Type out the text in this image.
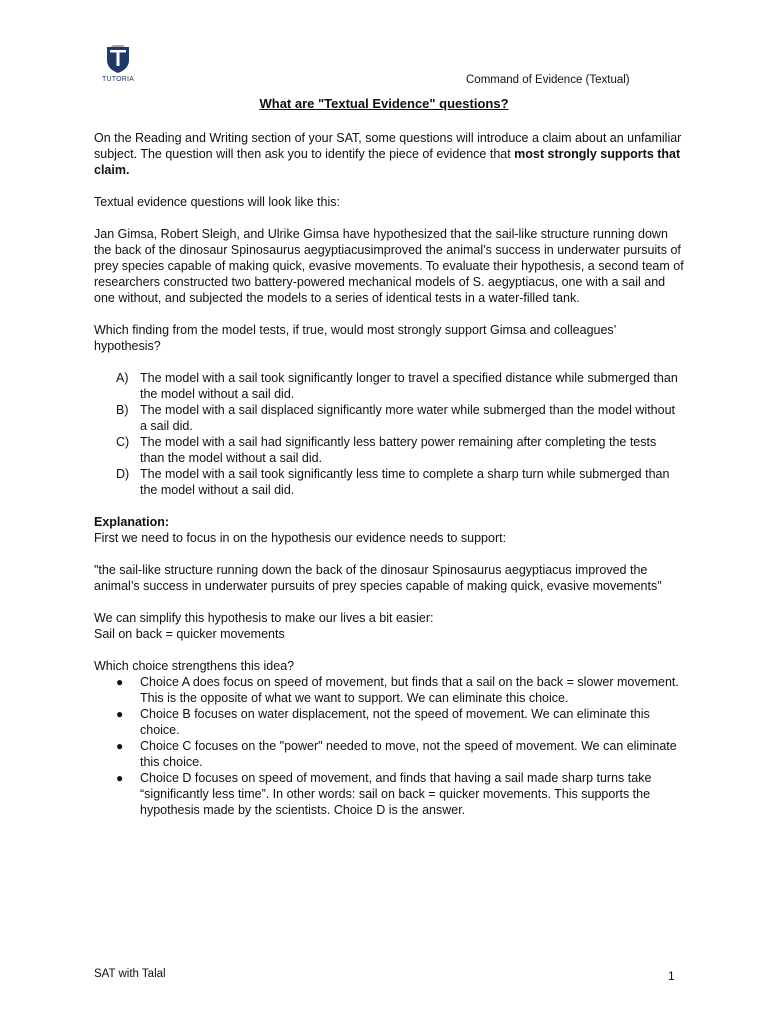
TUTORIA	Command of Evidence (Textual)
What are "Textual Evidence" questions?

On the Reading and Writing section of your SAT, some questions will introduce a claim about an unfamiliar subject. The question will then ask you to identify the piece of evidence that most strongly supports that claim.

Textual evidence questions will look like this:

Jan Gimsa, Robert Sleigh, and Ulrike Gimsa have hypothesized that the sail-like structure running down the back of the dinosaur Spinosaurus aegyptiacusimproved the animal’s success in underwater pursuits of prey species capable of making quick, evasive movements. To evaluate their hypothesis, a second team of researchers constructed two battery-powered mechanical models of S. aegyptiacus, one with a sail and one without, and subjected the models to a series of identical tests in a water-filled tank.

Which finding from the model tests, if true, would most strongly support Gimsa and colleagues’ hypothesis?

A) The model with a sail took significantly longer to travel a specified distance while submerged than the model without a sail did.
B) The model with a sail displaced significantly more water while submerged than the model without a sail did.
C) The model with a sail had significantly less battery power remaining after completing the tests than the model without a sail did.
D) The model with a sail took significantly less time to complete a sharp turn while submerged than the model without a sail did.

Explanation:
First we need to focus in on the hypothesis our evidence needs to support:

"the sail-like structure running down the back of the dinosaur Spinosaurus aegyptiacus improved the animal’s success in underwater pursuits of prey species capable of making quick, evasive movements"

We can simplify this hypothesis to make our lives a bit easier:
Sail on back = quicker movements

Which choice strengthens this idea?
●	Choice A does focus on speed of movement, but finds that a sail on the back = slower movement. This is the opposite of what we want to support. We can eliminate this choice.
●	Choice B focuses on water displacement, not the speed of movement. We can eliminate this choice.
●	Choice C focuses on the "power" needed to move, not the speed of movement. We can eliminate this choice.
●	Choice D focuses on speed of movement, and finds that having a sail made sharp turns take “significantly less time”. In other words: sail on back = quicker movements. This supports the hypothesis made by the scientists. Choice D is the answer.
SAT with Talal	1
